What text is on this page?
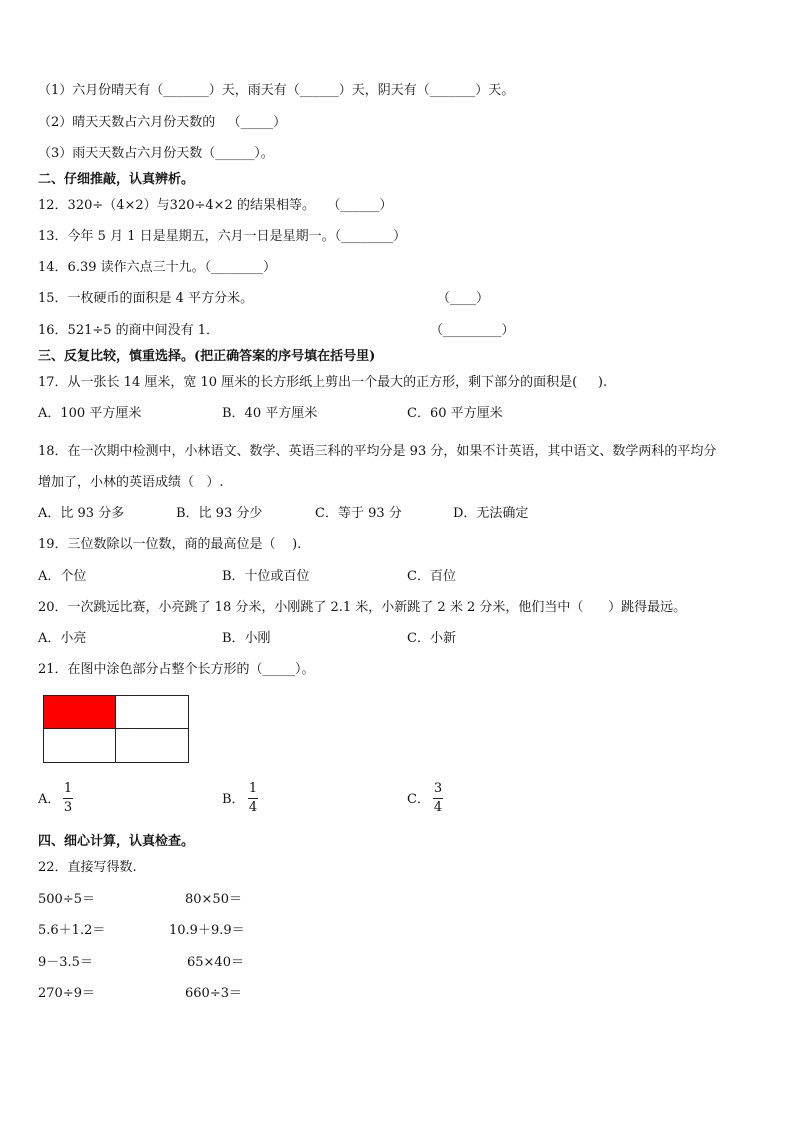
（1）六月份晴天有（_______）天，雨天有（______）天，阴天有（_______）天。
（2）晴天天数占六月份天数的   （_____）
（3）雨天天数占六月份天数（______）。
二、仔细推敲，认真辨析。
12．320÷（4×2）与320÷4×2 的结果相等。   （______）
13．今年 5 月 1 日是星期五，六月一日是星期一。（________）
14．6.39 读作六点三十九。（________）
15．一枚硬币的面积是 4 平方分米。	（____）
16．521÷5 的商中间没有 1．	（_________）
三、反复比较，慎重选择。(把正确答案的序号填在括号里)
17．从一张长 14 厘米，宽 10 厘米的长方形纸上剪出一个最大的正方形，剩下部分的面积是(     ).
A．100 平方厘米	B．40 平方厘米	C．60 平方厘米
18．在一次期中检测中，小林语文、数学、英语三科的平均分是 93 分，如果不计英语，其中语文、数学两科的平均分
增加了，小林的英语成绩（   ）.
A．比 93 分多	B．比 93 分少	C．等于 93 分	D．无法确定
19．三位数除以一位数，商的最高位是（    ).
A．个位	B．十位或百位	C．百位
20．一次跳远比赛，小亮跳了 18 分米，小刚跳了 2.1 米，小新跳了 2 米 2 分米，他们当中（      ）跳得最远。
A．小亮	B．小刚	C．小新
21．在图中涂色部分占整个长方形的（_____）。
A．
1
3
B．
1
4
C．
3
4
四、细心计算，认真检查。
22．直接写得数.
500÷5＝	80×50＝
5.6＋1.2＝	10.9＋9.9＝
9－3.5＝	65×40＝
270÷9＝	660÷3＝
